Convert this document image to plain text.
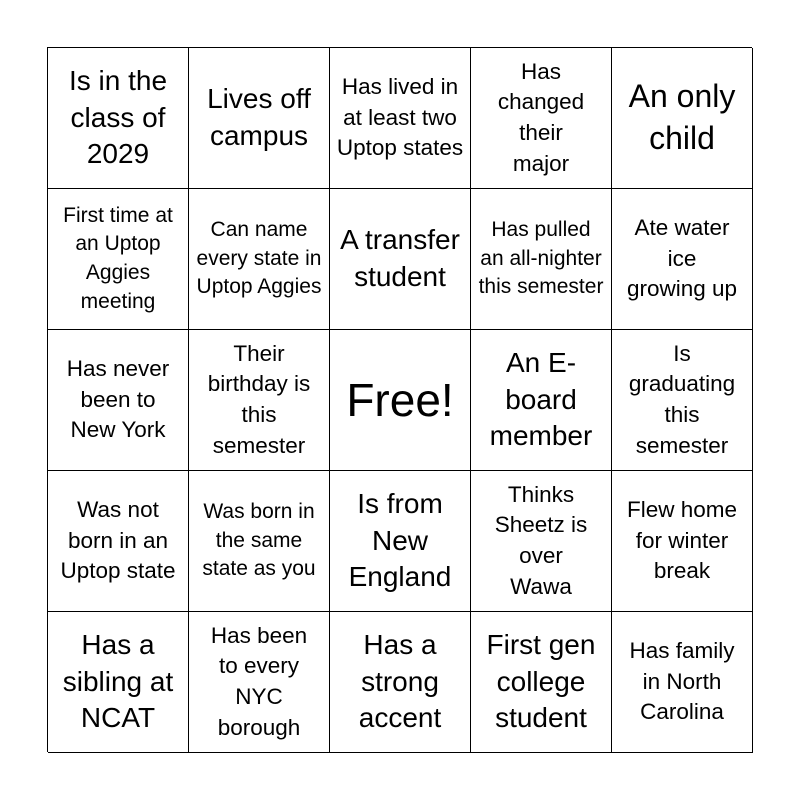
Is in the class of 2029
Lives off campus
Has lived in at least two Uptop states
Has changed their major
An only child
First time at an Uptop Aggies meeting
Can name every state in Uptop Aggies
A transfer student
Has pulled an all-nighter this semester
Ate water ice growing up
Has never been to New York
Their birthday is this semester
Free!
An E-board member
Is graduating this semester
Was not born in an Uptop state
Was born in the same state as you
Is from New England
Thinks Sheetz is over Wawa
Flew home for winter break
Has a sibling at NCAT
Has been to every NYC borough
Has a strong accent
First gen college student
Has family in North Carolina
